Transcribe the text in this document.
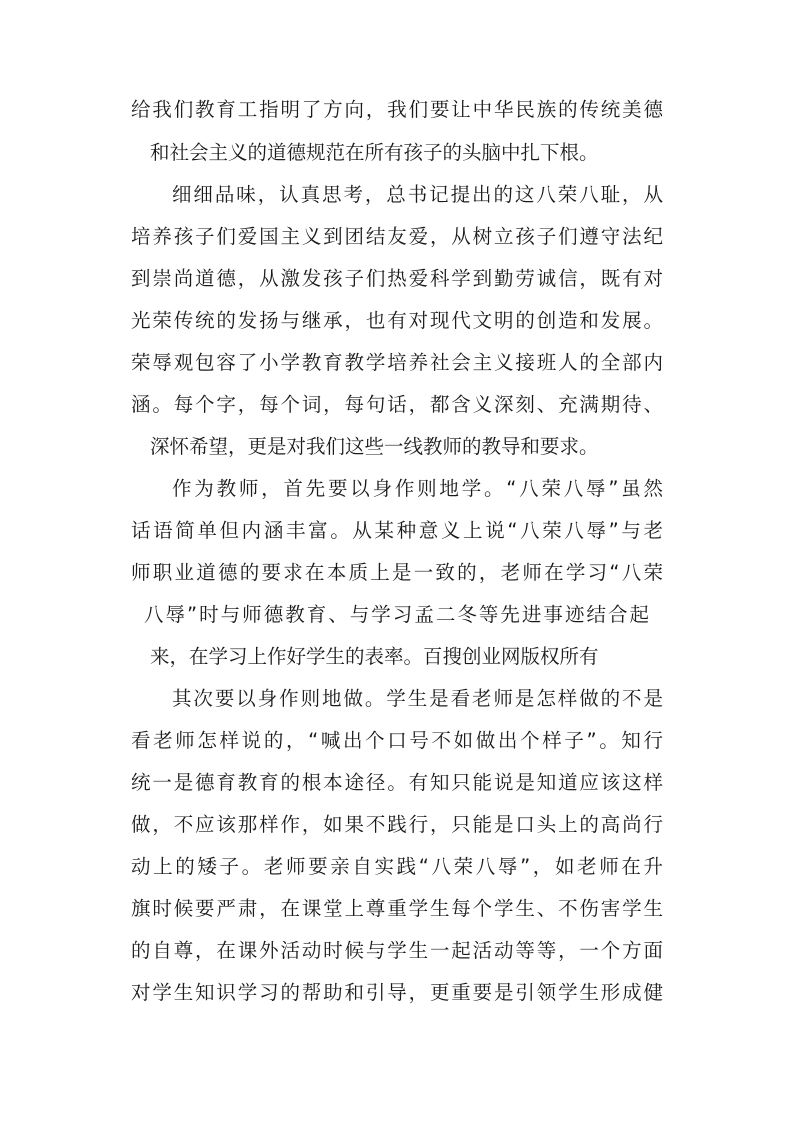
给我们教育工指明了方向，我们要让中华民族的传统美德

和社会主义的道德规范在所有孩子的头脑中扎下根。

细细品味，认真思考，总书记提出的这八荣八耻，从

培养孩子们爱国主义到团结友爱，从树立孩子们遵守法纪

到崇尚道德，从激发孩子们热爱科学到勤劳诚信，既有对

光荣传统的发扬与继承，也有对现代文明的创造和发展。

荣辱观包容了小学教育教学培养社会主义接班人的全部内

涵。每个字，每个词，每句话，都含义深刻、充满期待、

深怀希望，更是对我们这些一线教师的教导和要求。

作为教师，首先要以身作则地学。“八荣八辱”虽然

话语简单但内涵丰富。从某种意义上说“八荣八辱”与老

师职业道德的要求在本质上是一致的，老师在学习“八荣

八辱”时与师德教育、与学习孟二冬等先进事迹结合起

来，在学习上作好学生的表率。百搜创业网版权所有

其次要以身作则地做。学生是看老师是怎样做的不是

看老师怎样说的，“喊出个口号不如做出个样子”。知行

统一是德育教育的根本途径。有知只能说是知道应该这样

做，不应该那样作，如果不践行，只能是口头上的高尚行

动上的矮子。老师要亲自实践“八荣八辱”，如老师在升

旗时候要严肃，在课堂上尊重学生每个学生、不伤害学生

的自尊，在课外活动时候与学生一起活动等等，一个方面

对学生知识学习的帮助和引导，更重要是引领学生形成健
